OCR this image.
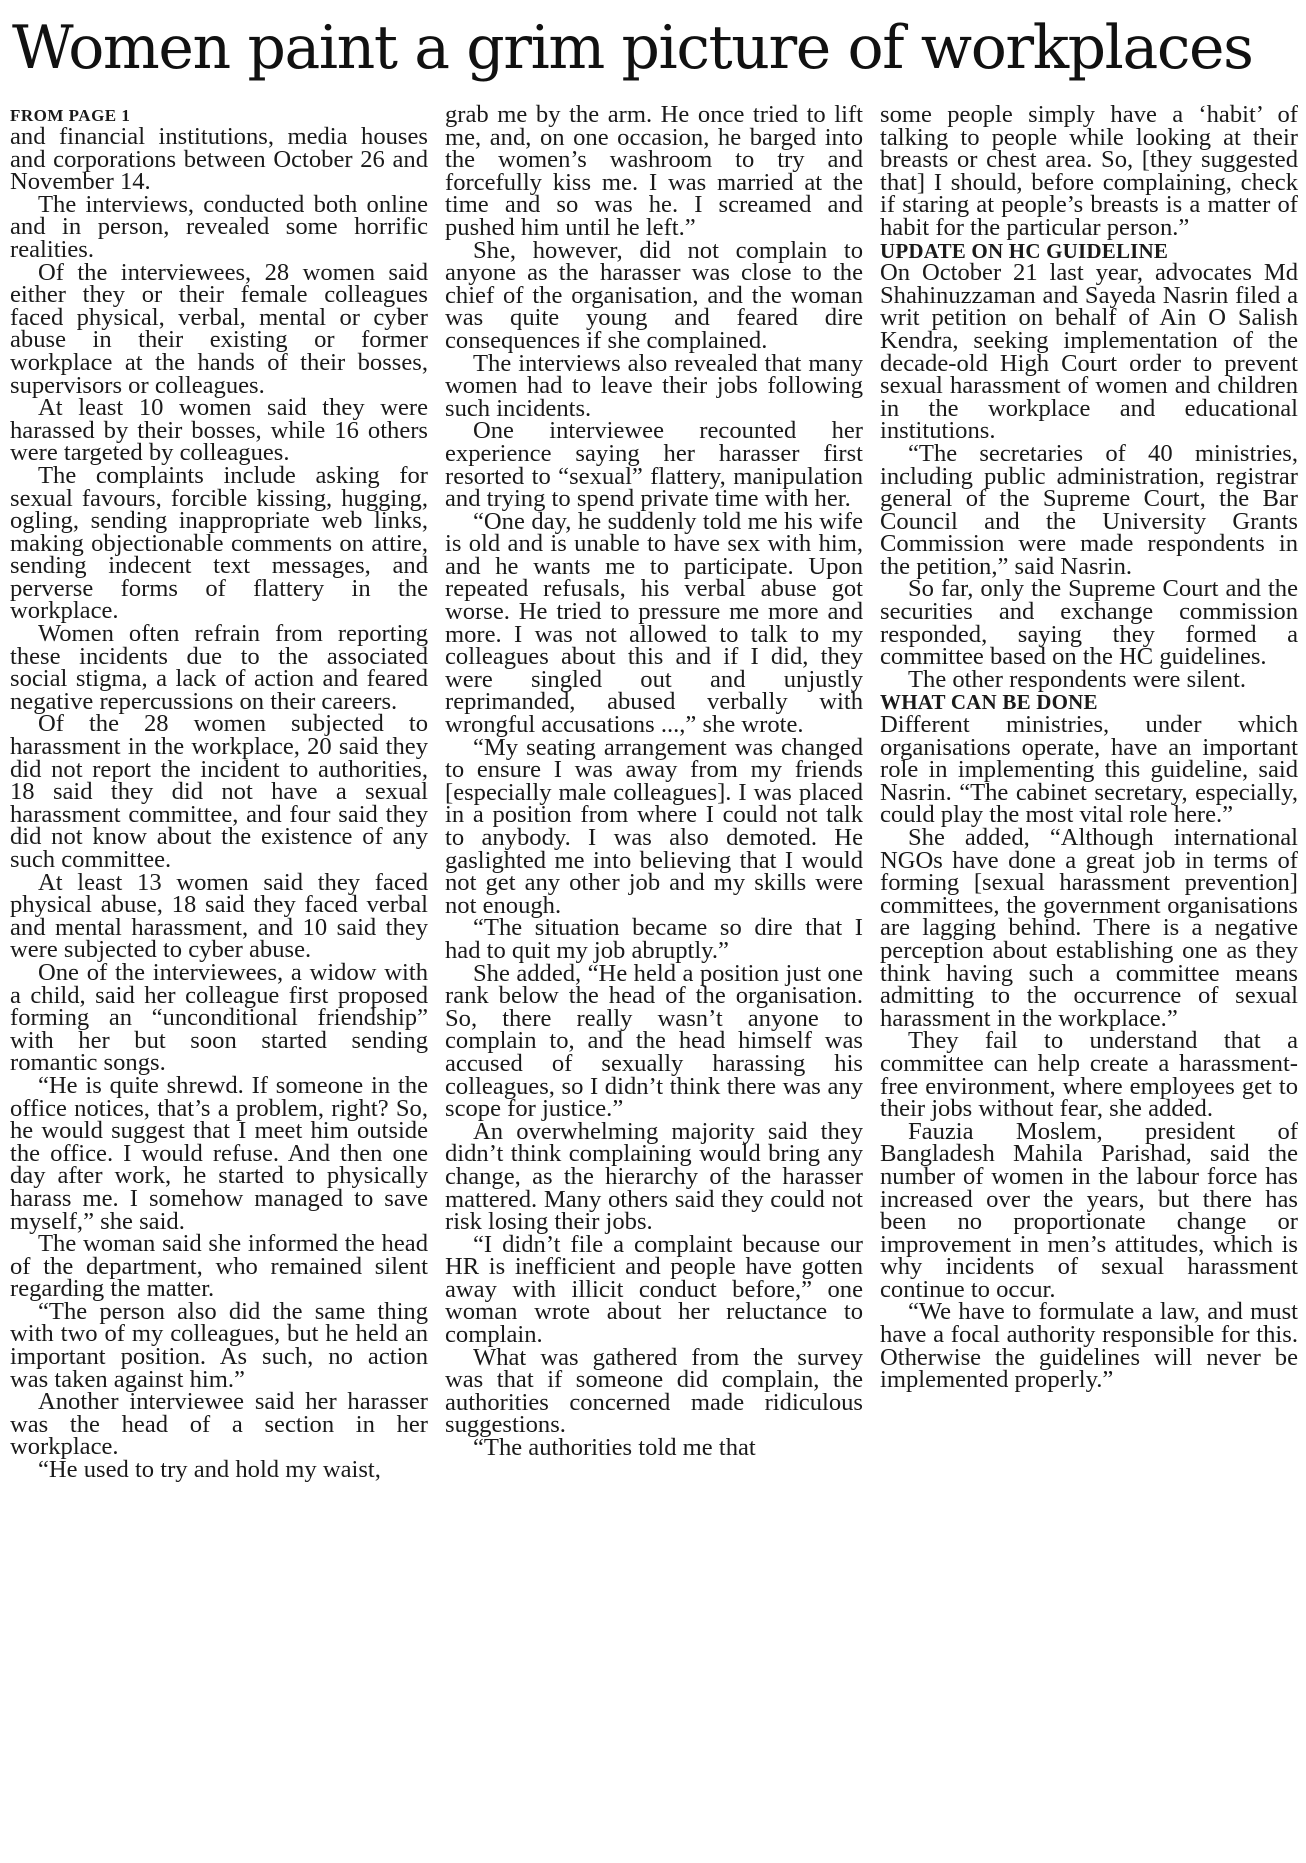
Women paint a grim picture of workplaces
FROM PAGE 1

and financial institutions, media houses and corporations between October 26 and November 14.

The interviews, conducted both online and in person, revealed some horrific realities.

Of the interviewees, 28 women said either they or their female colleagues faced physical, verbal, mental or cyber abuse in their existing or former workplace at the hands of their bosses, supervisors or colleagues.

At least 10 women said they were harassed by their bosses, while 16 others were targeted by colleagues.

The complaints include asking for sexual favours, forcible kissing, hugging, ogling, sending inappropriate web links, making objectionable comments on attire, sending indecent text messages, and perverse forms of flattery in the workplace.

Women often refrain from reporting these incidents due to the associated social stigma, a lack of action and feared negative repercussions on their careers.

Of the 28 women subjected to harassment in the workplace, 20 said they did not report the incident to authorities, 18 said they did not have a sexual harassment committee, and four said they did not know about the existence of any such committee.

At least 13 women said they faced physical abuse, 18 said they faced verbal and mental harassment, and 10 said they were subjected to cyber abuse.

One of the interviewees, a widow with a child, said her colleague first proposed forming an “unconditional friendship” with her but soon started sending romantic songs.

“He is quite shrewd. If someone in the office notices, that’s a problem, right? So, he would suggest that I meet him outside the office. I would refuse. And then one day after work, he started to physically harass me. I somehow managed to save myself,” she said.

The woman said she informed the head of the department, who remained silent regarding the matter.

“The person also did the same thing with two of my colleagues, but he held an important position. As such, no action was taken against him.”

Another interviewee said her harasser was the head of a section in her workplace.

“He used to try and hold my waist,

grab me by the arm. He once tried to lift me, and, on one occasion, he barged into the women’s washroom to try and forcefully kiss me. I was married at the time and so was he. I screamed and pushed him until he left.”

She, however, did not complain to anyone as the harasser was close to the chief of the organisation, and the woman was quite young and feared dire consequences if she complained.

The interviews also revealed that many women had to leave their jobs following such incidents.

One interviewee recounted her experience saying her harasser first resorted to “sexual” flattery, manipulation and trying to spend private time with her.

“One day, he suddenly told me his wife is old and is unable to have sex with him, and he wants me to participate. Upon repeated refusals, his verbal abuse got worse. He tried to pressure me more and more. I was not allowed to talk to my colleagues about this and if I did, they were singled out and unjustly reprimanded, abused verbally with wrongful accusations ...,” she wrote.

“My seating arrangement was changed to ensure I was away from my friends [especially male colleagues]. I was placed in a position from where I could not talk to anybody. I was also demoted. He gaslighted me into believing that I would not get any other job and my skills were not enough.

“The situation became so dire that I had to quit my job abruptly.”

She added, “He held a position just one rank below the head of the organisation. So, there really wasn’t anyone to complain to, and the head himself was accused of sexually harassing his colleagues, so I didn’t think there was any scope for justice.”

An overwhelming majority said they didn’t think complaining would bring any change, as the hierarchy of the harasser mattered. Many others said they could not risk losing their jobs.

“I didn’t file a complaint because our HR is inefficient and people have gotten away with illicit conduct before,” one woman wrote about her reluctance to complain.

What was gathered from the survey was that if someone did complain, the authorities concerned made ridiculous suggestions.

“The authorities told me that

some people simply have a ‘habit’ of talking to people while looking at their breasts or chest area. So, [they suggested that] I should, before complaining, check if staring at people’s breasts is a matter of habit for the particular person.”

UPDATE ON HC GUIDELINE

On October 21 last year, advocates Md Shahinuzzaman and Sayeda Nasrin filed a writ petition on behalf of Ain O Salish Kendra, seeking implementation of the decade-old High Court order to prevent sexual harassment of women and children in the workplace and educational institutions.

“The secretaries of 40 ministries, including public administration, registrar general of the Supreme Court, the Bar Council and the University Grants Commission were made respondents in the petition,” said Nasrin.

So far, only the Supreme Court and the securities and exchange commission responded, saying they formed a committee based on the HC guidelines.

The other respondents were silent.

WHAT CAN BE DONE

Different ministries, under which organisations operate, have an important role in implementing this guideline, said Nasrin. “The cabinet secretary, especially, could play the most vital role here.”

She added, “Although international NGOs have done a great job in terms of forming [sexual harassment prevention] committees, the government organisations are lagging behind. There is a negative perception about establishing one as they think having such a committee means admitting to the occurrence of sexual harassment in the workplace.”

They fail to understand that a committee can help create a harassment-free environment, where employees get to their jobs without fear, she added.

Fauzia Moslem, president of Bangladesh Mahila Parishad, said the number of women in the labour force has increased over the years, but there has been no proportionate change or improvement in men’s attitudes, which is why incidents of sexual harassment continue to occur.

“We have to formulate a law, and must have a focal authority responsible for this. Otherwise the guidelines will never be implemented properly.”
